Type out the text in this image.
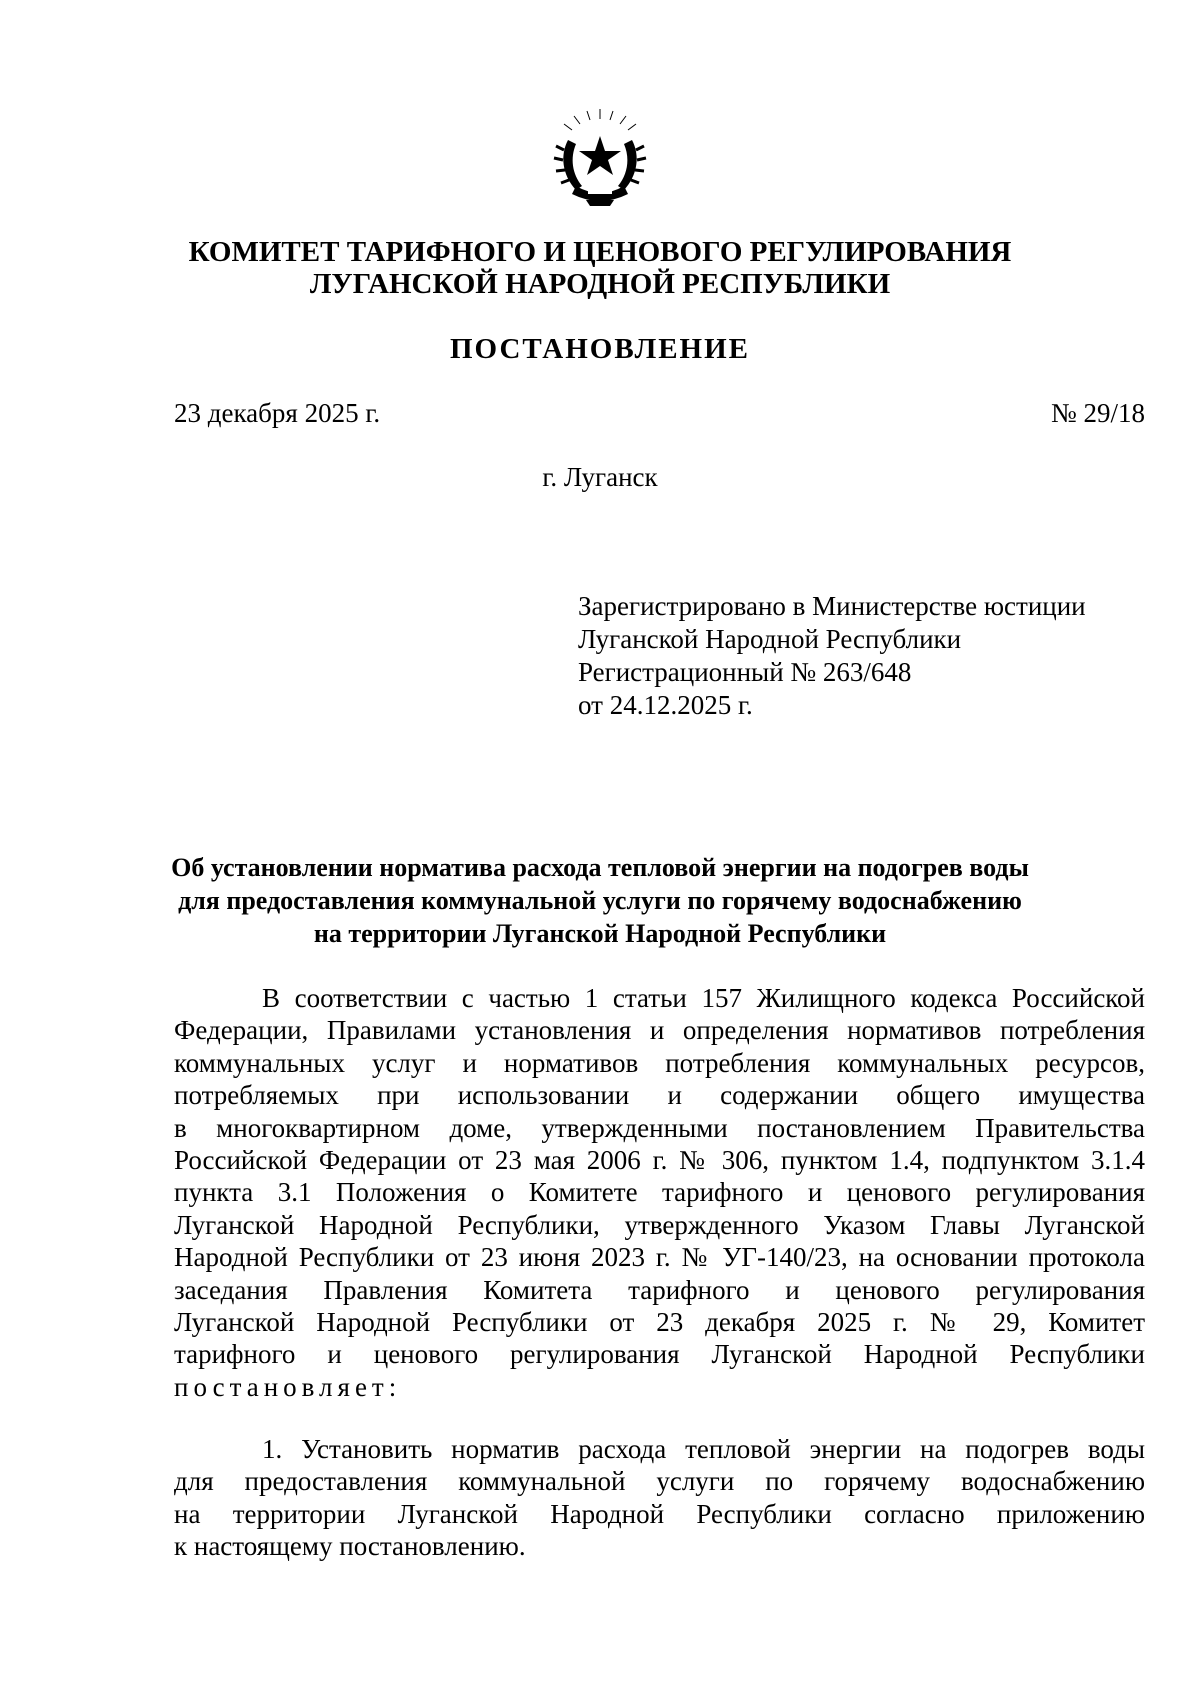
КОМИТЕТ ТАРИФНОГО И ЦЕНОВОГО РЕГУЛИРОВАНИЯ
ЛУГАНСКОЙ НАРОДНОЙ РЕСПУБЛИКИ
ПОСТАНОВЛЕНИЕ
23 декабря 2025 г.	№ 29/18
г. Луганск
Зарегистрировано в Министерстве юстиции
Луганской Народной Республики
Регистрационный № 263/648
от 24.12.2025 г.
Об установлении норматива расхода тепловой энергии на подогрев воды
для предоставления коммунальной услуги по горячему водоснабжению
на территории Луганской Народной Республики
В соответствии с частью 1 статьи 157 Жилищного кодекса Российской
Федерации, Правилами установления и определения нормативов потребления
коммунальных услуг и нормативов потребления коммунальных ресурсов,
потребляемых при использовании и содержании общего имущества
в многоквартирном доме, утвержденными постановлением Правительства
Российской Федерации от 23 мая 2006 г. № 306, пунктом 1.4, подпунктом 3.1.4
пункта 3.1 Положения о Комитете тарифного и ценового регулирования
Луганской Народной Республики, утвержденного Указом Главы Луганской
Народной Республики от 23 июня 2023 г. № УГ-140/23, на основании протокола
заседания Правления Комитета тарифного и ценового регулирования
Луганской Народной Республики от 23 декабря 2025 г. № 29, Комитет
тарифного и ценового регулирования Луганской Народной Республики
постановляет:
1. Установить норматив расхода тепловой энергии на подогрев воды
для предоставления коммунальной услуги по горячему водоснабжению
на территории Луганской Народной Республики согласно приложению
к настоящему постановлению.
